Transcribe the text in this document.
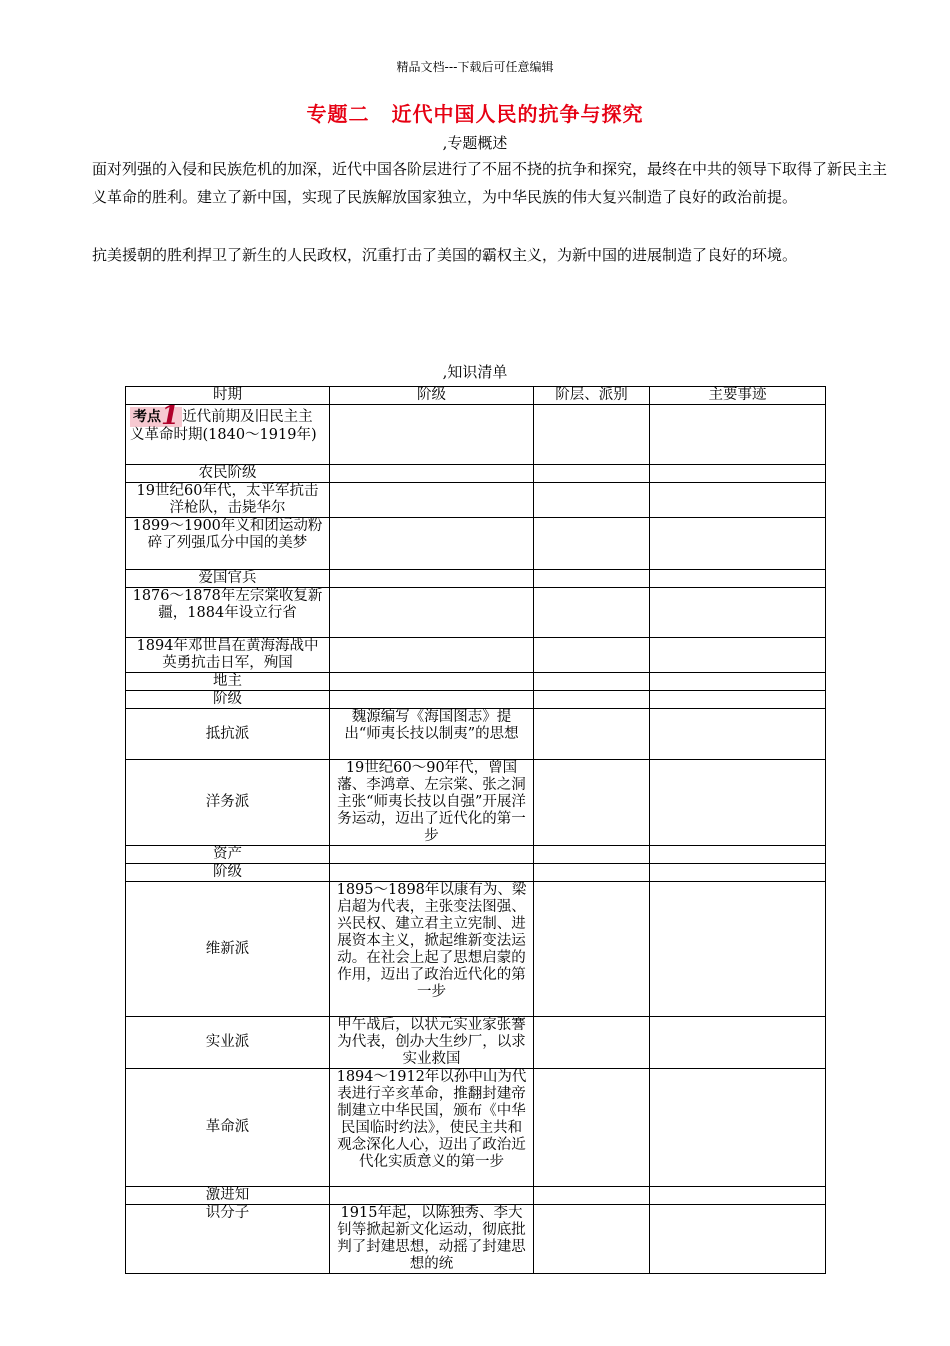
精品文档---下载后可任意编辑
专题二 近代中国人民的抗争与探究
,专题概述

面对列强的入侵和民族危机的加深，近代中国各阶层进行了不屈不挠的抗争和探究，最终在中共的领导下取得了新民主主义革命的胜利。建立了新中国，实现了民族解放国家独立，为中华民族的伟大复兴制造了良好的政治前提。

抗美援朝的胜利捍卫了新生的人民政权，沉重打击了美国的霸权主义，为新中国的进展制造了良好的环境。

,知识清单
时期	阶级	阶层、派别	主要事迹
考点1 近代前期及旧民主主义革命时期(1840～1919年)			
农民阶级			
19世纪60年代，太平军抗击洋枪队，击毙华尔			
1899～1900年义和团运动粉碎了列强瓜分中国的美梦			
爱国官兵			
1876～1878年左宗棠收复新疆，1884年设立行省			
1894年邓世昌在黄海海战中英勇抗击日军，殉国			
地主			
阶级			
抵抗派	魏源编写《海国图志》提出“师夷长技以制夷”的思想		
洋务派	19世纪60～90年代，曾国藩、李鸿章、左宗棠、张之洞主张“师夷长技以自强”开展洋务运动，迈出了近代化的第一步		
资产			
阶级			
维新派	1895～1898年以康有为、梁启超为代表，主张变法图强、兴民权、建立君主立宪制、进展资本主义，掀起维新变法运动。在社会上起了思想启蒙的作用，迈出了政治近代化的第一步		
实业派	甲午战后，以状元实业家张謇为代表，创办大生纱厂，以求实业救国		
革命派	1894～1912年以孙中山为代表进行辛亥革命，推翻封建帝制建立中华民国，颁布《中华民国临时约法》，使民主共和观念深化人心，迈出了政治近代化实质意义的第一步		
激进知			
识分子	1915年起，以陈独秀、李大钊等掀起新文化运动，彻底批判了封建思想，动摇了封建思想的统		
